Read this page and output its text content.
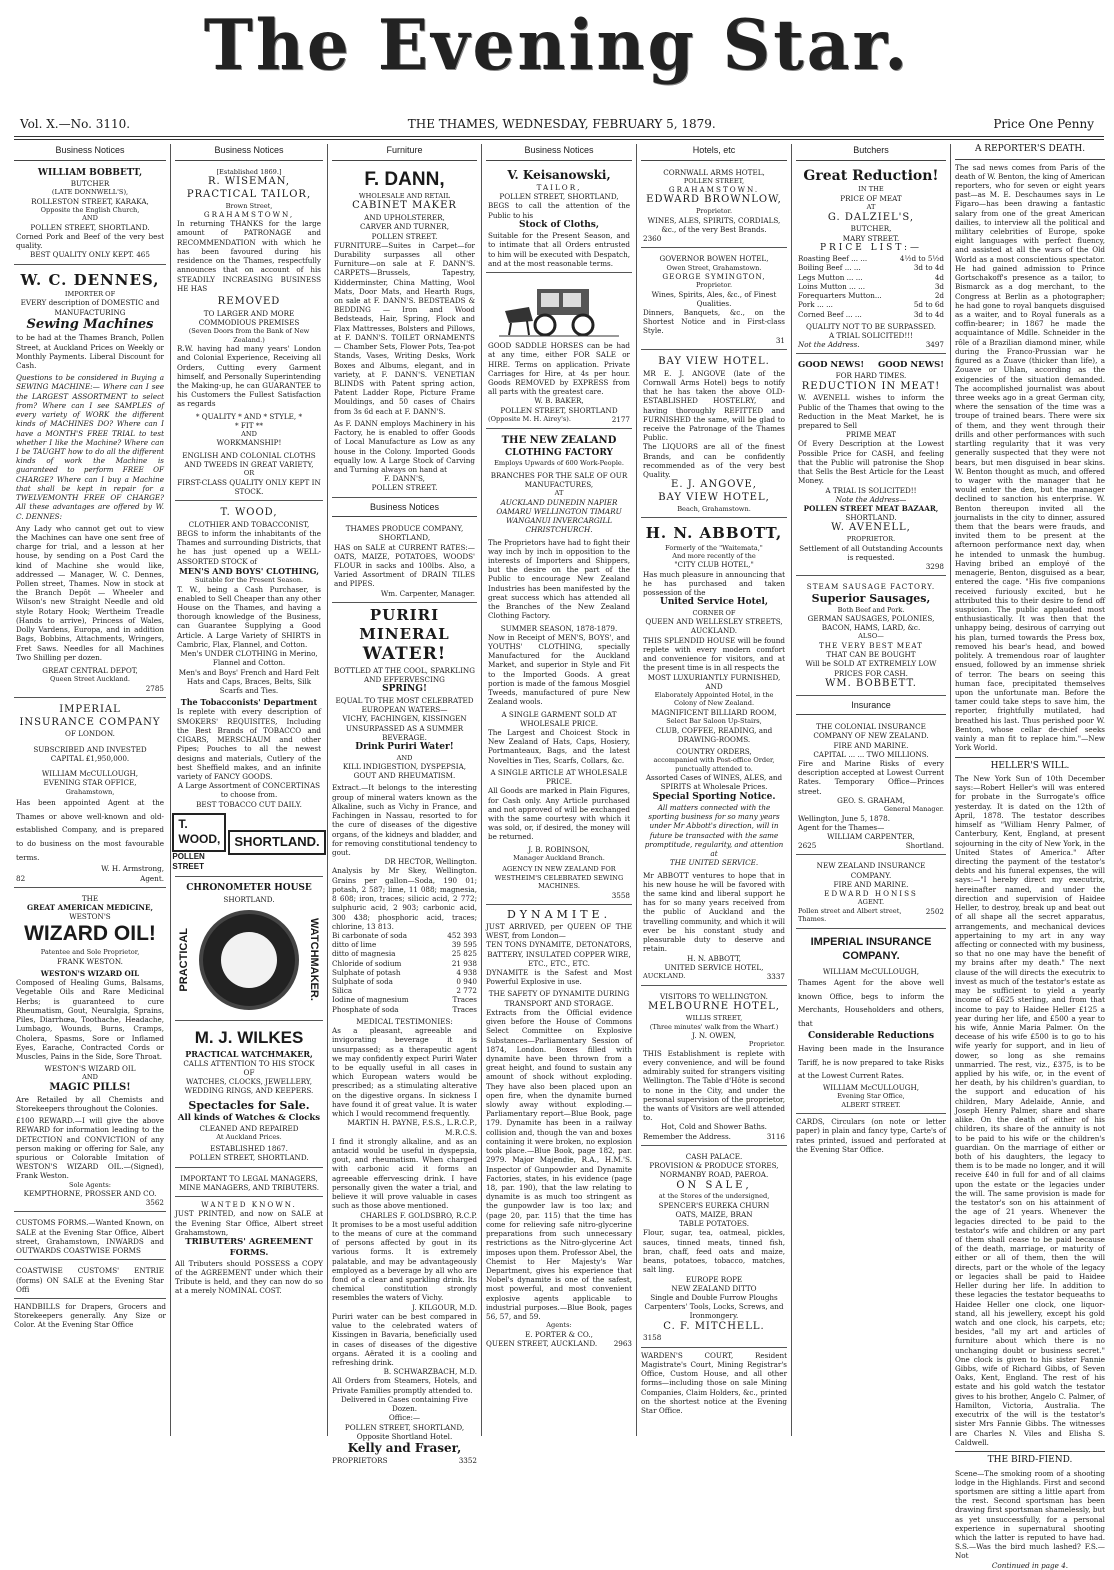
The Evening Star.
Vol. X.—No. 3110.	THE THAMES, WEDNESDAY, FEBRUARY 5, 1879.	Price One Penny
Business Notices
WILLIAM BOBBETT,
BUTCHER
(LATE DONNWELL'S),
ROLLESTON STREET, KARAKA,
Opposite the English Church,
AND
POLLEN STREET, SHORTLAND.
Corned Pork and Beef of the very best quality.
BEST QUALITY ONLY KEPT. 465
W. C. DENNES,
IMPORTER OF
EVERY description of DOMESTIC and MANUFACTURING
Sewing Machines
to be had at the Thames Branch, Pollen Street, at Auckland Prices on Weekly or Monthly Payments. Liberal Discount for Cash.
Questions to be considered in Buying a SEWING MACHINE:— Where can I see the LARGEST ASSORTMENT to select from? Where can I see SAMPLES of every variety of WORK the different kinds of MACHINES DO? Where can I have a MONTH'S FREE TRIAL to test whether I like the Machine? Where can I be TAUGHT how to do all the different kinds of work the Machine is guaranteed to perform FREE OF CHARGE? Where can I buy a Machine that shall be kept in repair for a TWELVEMONTH FREE OF CHARGE? All these advantages are offered by W. C. DENNES:
Any Lady who cannot get out to view the Machines can have one sent free of charge for trial, and a lesson at her house, by sending on a Post Card the kind of Machine she would like, addressed — Manager, W. C. Dennes, Pollen street, Thames. Now in stock at the Branch Depôt — Wheeler and Wilson's new Straight Needle and old style Rotary Hook; Wertheim Treadle (Hands to arrive), Princess of Wales, Dolly Vardens, Europa, and in addition Bags, Bobbins, Attachments, Wringers, Fret Saws. Needles for all Machines Two Shilling per dozen.
GREAT CENTRAL DEPOT,
Queen Street Auckland.
2785
IMPERIAL
INSURANCE COMPANY
OF LONDON.
SUBSCRIBED AND INVESTED
CAPITAL £1,950,000.
WILLIAM McCULLOUGH,
EVENING STAR OFFICE,
Grahamstown,
Has been appointed Agent at the Thames or above well-known and old-established Company, and is prepared to do business on the most favourable terms.
W. H. Armstrong,
82	Agent.
THE
GREAT AMERICAN MEDICINE,
WESTON'S
WIZARD OIL!
Patentee and Sole Proprietor,
FRANK WESTON.
WESTON'S WIZARD OIL
Composed of Healing Gums, Balsams, Vegetable Oils and Rare Medicinal Herbs; is guaranteed to cure Rheumatism, Gout, Neuralgia, Sprains, Piles, Diarrhœa, Toothache, Headache, Lumbago, Wounds, Burns, Cramps, Cholera, Spasms, Sore or Inflamed Eyes, Earache, Contracted Cords or Muscles, Pains in the Side, Sore Throat.
WESTON'S WIZARD OIL
AND
MAGIC PILLS!
Are Retailed by all Chemists and Storekeepers throughout the Colonies.
£100 REWARD.—I will give the above REWARD for information leading to the DETECTION and CONVICTION of any person making or offering for Sale, any spurious or Colorable Imitation of WESTON'S WIZARD OIL.—(Signed), Frank Weston.
Sole Agents:
KEMPTHORNE, PROSSER AND CO.
3562
CUSTOMS FORMS.—Wanted Known, on SALE at the Evening Star Office, Albert street, Grahamstown, INWARDS and OUTWARDS COASTWISE FORMS
COASTWISE CUSTOMS' ENTRIE (forms) ON SALE at the Evening Star Offi
HANDBILLS for Drapers, Grocers and Storekeepers generally. Any Size or Color. At the Evening Star Office
Business Notices
[Established 1869.]
R. WISEMAN,
PRACTICAL TAILOR,
Brown Street,
GRAHAMSTOWN,
In returning THANKS for the large amount of PATRONAGE and RECOMMENDATION with which he has been favoured during his residence on the Thames, respectfully announces that on account of his STEADILY INCREASING BUSINESS HE HAS
REMOVED
TO LARGER AND MORE COMMODIOUS PREMISES
(Seven Doors from the Bank of New Zealand.)
R.W. having had many years' London and Colonial Experience, Receiving all Orders, Cutting every Garment himself, and Personally Superintending the Making-up, he can GUARANTEE to his Customers the Fullest Satisfaction as regards
* QUALITY * AND * STYLE, *
* FIT **
AND
WORKMANSHIP!
ENGLISH AND COLONIAL CLOTHS AND TWEEDS IN GREAT VARIETY,
OR
FIRST-CLASS QUALITY ONLY KEPT IN STOCK.
T. WOOD,
CLOTHIER AND TOBACCONIST,
BEGS to inform the inhabitants of the Thames and surrounding Districts, that he has just opened up a WELL-ASSORTED STOCK of
MEN'S AND BOYS' CLOTHING,
Suitable for the Present Season.
T. W., being a Cash Purchaser, is enabled to Sell Cheaper than any other House on the Thames, and having a thorough knowledge of the Business, can Guarantee Supplying a Good Article. A Large Variety of SHIRTS in Cambric, Flax, Flannel, and Cotton.
Men's UNDER CLOTHING in Merino, Flannel and Cotton.
Men's and Boys' French and Hard Felt Hats and Caps, Braces, Belts, Silk Scarfs and Ties.
The Tobacconists' Department
Is replete with every description of SMOKERS' REQUISITES, Including the Best Brands of TOBACCO and CIGARS, MERSCHAUM and other Pipes; Pouches to all the newest designs and materials, Cutlery of the best Sheffield makes, and an infinite variety of FANCY GOODS.
A Large Assortment of CONCERTINAS to choose from.
BEST TOBACCO CUT DAILY.
T. WOOD,
POLLEN STREET
SHORTLAND.
CHRONOMETER HOUSE
SHORTLAND.
PRACTICAL	WATCHMAKER.
M. J. WILKES
PRACTICAL WATCHMAKER,
CALLS ATTENTION TO HIS STOCK OF
WATCHES, CLOCKS, JEWELLERY, WEDDING RINGS, AND KEEPERS.
Spectacles for Sale.
All kinds of Watches & Clocks
CLEANED AND REPAIRED
At Auckland Prices.
ESTABLISHED 1867.
POLLEN STREET, SHORTLAND.
IMPORTANT TO LEGAL MANAGERS, MINE MANAGERS, AND TRIBUTERS.
WANTED KNOWN.
JUST PRINTED, and now on SALE at the Evening Star Office, Albert street Grahamstown,
TRIBUTERS' AGREEMENT FORMS.
All Tributers should POSSESS a COPY of the AGREEMENT under which their Tribute is held, and they can now do so at a merely NOMINAL COST.
Furniture
F. DANN,
WHOLESALE AND RETAIL
CABINET MAKER
AND UPHOLSTERER,
CARVER AND TURNER,
POLLEN STREET.
FURNITURE—Suites in Carpet—for Durability surpasses all other Furniture—on sale at F. DANN'S. CARPETS—Brussels, Tapestry, Kidderminster, China Matting, Wool Mats, Door Mats, and Hearth Rugs, on sale at F. DANN'S. BEDSTEADS & BEDDING — Iron and Wood Bedsteads, Hair, Spring, Flock and Flax Mattresses, Bolsters and Pillows, at F. DANN'S. TOILET ORNAMENTS — Chamber Sets, Flower Pots, Tea-pot Stands, Vases, Writing Desks, Work Boxes and Albums, elegant, and in variety, at F. DANN'S. VENETIAN BLINDS with Patent spring action, Patent Ladder Rope, Picture Frame Mouldings, and 50 cases of Chairs from 3s 6d each at F. DANN'S.
As F. DANN employs Machinery in his Factory, he is enabled to offer Goods of Local Manufacture as Low as any house in the Colony. Imported Goods equally low. A Large Stock of Carving and Turning always on hand at
F. DANN'S,
POLLEN STREET.
Business Notices
THAMES PRODUCE COMPANY,
SHORTLAND,
HAS on SALE at CURRENT RATES:— OATS, MAIZE, POTATOES, WOODS' FLOUR in sacks and 100lbs. Also, a Varied Assortment of DRAIN TILES and PIPES.
Wm. Carpenter, Manager.
PURIRI MINERAL
WATER!
BOTTLED AT THE COOL, SPARKLING AND EFFERVESCING
SPRING!
EQUAL TO THE MOST CELEBRATED EUROPEAN WATERS—
VICHY, FACHINGEN, KISSINGEN
UNSURPASSED AS A SUMMER BEVERAGE.
Drink Puriri Water!
AND
KILL INDIGESTION, DYSPEPSIA, GOUT AND RHEUMATISM.
Extract.—It belongs to the interesting group of mineral waters known as the Alkaline, such as Vichy in France, and Fachingen in Nassau, resorted to for the cure of diseases of the digestive organs, of the kidneys and bladder, and for removing constitutional tendency to gout.
DR HECTOR, Wellington.
Analysis by Mr Skey, Wellington. Grains per gallon—Soda, 190 01; potash, 2 587; lime, 11 088; magnesia, 8 608; iron, traces; silicic acid, 2 772; sulphuric acid, 2 903; carbonic acid, 300 438; phosphoric acid, traces; chlorine, 13 813.
Bi carbonate of soda	452 393
ditto of lime	39 595
ditto of magnesia	25 825
Chloride of sodium	21 938
Sulphate of potash	4 938
Sulphate of soda	0 940
Silica	2 772
Iodine of magnesium	Traces
Phosphate of soda	Traces
MEDICAL TESTIMONIES:
As a pleasant, agreeable and invigorating beverage it is unsurpassed; as a therapeutic agent we may confidently expect Puriri Water to be equally useful in all cases in which European waters would be prescribed; as a stimulating alterative on the digestive organs. In sickness I have found it of great value. It is water which I would recommend frequently.
MARTIN H. PAYNE, F.S.S., L.R.C.P., M.R.C.S.
I find it strongly alkaline, and as an antacid would be useful in dyspepsia, gout, and rheumatism. When charged with carbonic acid it forms an agreeable effervescing drink. I have personally given the water a trial, and believe it will prove valuable in cases such as those above mentioned.
CHARLES F. GOLDSBRO, R.C.P.
It promises to be a most useful addition to the means of cure at the command of persons affected by gout in its various forms. It is extremely palatable, and may be advantageously employed as a beverage by all who are fond of a clear and sparkling drink. Its chemical constitution strongly resembles the waters of Vichy.
J. KILGOUR, M.D.
Puriri water can be best compared in value to the celebrated waters of Kissingen in Bavaria, beneficially used in cases of diseases of the digestive organs. Aërated it is a cooling and refreshing drink.
B. SCHWARZBACH, M.D.
All Orders from Steamers, Hotels, and Private Families promptly attended to.
Delivered in Cases containing Five Dozen.
Office:—
POLLEN STREET, SHORTLAND,
Opposite Shortland Hotel.
Kelly and Fraser,
PROPRIETORS	3352
Business Notices
V. Keisanowski,
TAILOR,
POLLEN STREET, SHORTLAND,
BEGS to call the attention of the Public to his
Stock of Cloths,
Suitable for the Present Season, and to intimate that all Orders entrusted to him will be executed with Despatch, and at the most reasonable terms.
GOOD SADDLE HORSES can be had at any time, either FOR SALE or HIRE. Terms on application. Private Carriages for Hire, at 4s per hour. Goods REMOVED by EXPRESS from all parts with the greatest care.
W. B. BAKER,
POLLEN STREET, SHORTLAND
(Opposite M. H. Airey's).	2177
THE NEW ZEALAND
CLOTHING FACTORY
Employs Upwards of 600 Work-People.
BRANCHES FOR THE SALE OF OUR MANUFACTURES,
AT
AUCKLAND DUNEDIN NAPIER OAMARU WELLINGTON TIMARU WANGANUI INVERCARGILL CHRISTCHURCH.
The Proprietors have had to fight their way inch by inch in opposition to the interests of Importers and Shippers, but the desire on the part of the Public to encourage New Zealand Industries has been manifested by the great success which has attended all the Branches of the New Zealand Clothing Factory.
SUMMER SEASON, 1878-1879.
Now in Receipt of MEN'S, BOYS', and YOUTHS' CLOTHING, specially Manufactured for the Auckland Market, and superior in Style and Fit to the Imported Goods. A great portion is made of the famous Mosgiel Tweeds, manufactured of pure New Zealand wools.
A SINGLE GARMENT SOLD AT WHOLESALE PRICE.
The Largest and Choicest Stock in New Zealand of Hats, Caps, Hosiery, Portmanteaux, Bags, and the latest Novelties in Ties, Scarfs, Collars, &c.
A SINGLE ARTICLE AT WHOLESALE PRICE.
All Goods are marked in Plain Figures, for Cash only. Any Article purchased and not approved of will be exchanged with the same courtesy with which it was sold, or, if desired, the money will be returned.
J. B. ROBINSON,
Manager Auckland Branch.
AGENCY IN NEW ZEALAND FOR WESTHEIM'S CELEBRATED SEWING MACHINES.
3558
DYNAMITE.
JUST ARRIVED, per QUEEN OF THE WEST, from London—
TEN TONS DYNAMITE, DETONATORS, BATTERY, INSULATED COPPER WIRE, ETC., ETC., ETC.
DYNAMITE is the Safest and Most Powerful Explosive in use.
THE SAFETY OF DYNAMITE DURING TRANSPORT AND STORAGE.
Extracts from the Official evidence given before the House of Commons Select Committee on Explosive Substances—Parliamentary Session of 1874, London. Boxes filled with dynamite have been thrown from a great height, and found to sustain any amount of shock without exploding. They have also been placed upon an open fire, when the dynamite burned slowly away without exploding.—Parliamentary report—Blue Book, page 179. Dynamite has been in a railway collision and, though the van and boxes containing it were broken, no explosion took place.—Blue Book, page 182, par. 2979. Major Majendie, R.A., H.M.'S. Inspector of Gunpowder and Dynamite Factories, states, in his evidence (page 18, par. 190), that the law relating to dynamite is as much too stringent as the gunpowder law is too lax; and (page 20, par. 115) that the time has come for relieving safe nitro-glycerine preparations from such unnecessary restrictions as the Nitro-glycerine Act imposes upon them. Professor Abel, the Chemist to Her Majesty's War Department, gives his experience that Nobel's dynamite is one of the safest, most powerful, and most convenient explosive agents applicable to industrial purposes.—Blue Book, pages 56, 57, and 59.
Agents:
E. PORTER & CO.,
QUEEN STREET, AUCKLAND. 2963
Hotels, etc
CORNWALL ARMS HOTEL,
POLLEN STREET,
GRAHAMSTOWN.
EDWARD BROWNLOW,
Proprietor.
WINES, ALES, SPIRITS, CORDIALS, &c., of the very Best Brands.
2360
GOVERNOR BOWEN HOTEL,
Owen Street, Grahamstown.
GEORGE SYMINGTON,
Proprietor.
Wines, Spirits, Ales, &c., of Finest Qualities.
Dinners, Banquets, &c., on the Shortest Notice and in First-class Style.
31
BAY VIEW HOTEL.
MR E. J. ANGOVE (late of the Cornwall Arms Hotel) begs to notify that he has taken the above OLD-ESTABLISHED HOSTELRY, and having thoroughly REFITTED and FURNISHED the same, will be glad to receive the Patronage of the Thames Public.
The LIQUORS are all of the finest Brands, and can be confidently recommended as of the very best Quality.
E. J. ANGOVE,
BAY VIEW HOTEL,
Beach, Grahamstown.
H. N. ABBOTT,
Formerly of the "Waitemata,"
And more recently of the
"CITY CLUB HOTEL,"
Has much pleasure in announcing that he has purchased and taken possession of the
United Service Hotel,
CORNER OF
QUEEN AND WELLESLEY STREETS, AUCKLAND.
THIS SPLENDID HOUSE will be found replete with every modern comfort and convenience for visitors, and at the present time is in all respects the
MOST LUXURIANTLY FURNISHED, AND
Elaborately Appointed Hotel, in the Colony of New Zealand.
MAGNIFICENT BILLIARD ROOM,
Select Bar Saloon Up-Stairs,
CLUB, COFFEE, READING, and DRAWING-ROOMS.
COUNTRY ORDERS,
accompanied with Post-office Order, punctually attended to.
Assorted Cases of WINES, ALES, and SPIRITS at Wholesale Prices.
Special Sporting Notice.
All matters connected with the sporting business for so many years under Mr Abbott's direction, will in future be transacted with the same promptitude, regularity, and attention at
THE UNITED SERVICE.
Mr ABBOTT ventures to hope that in his new house he will be favored with the same kind and liberal support he has for so many years received from the public of Auckland and the travelling community, and which it will ever be his constant study and pleasurable duty to deserve and retain.
H. N. ABBOTT,
UNITED SERVICE HOTEL,
AUCKLAND.	3337
VISITORS TO WELLINGTON.
MELBOURNE HOTEL,
WILLIS STREET,
(Three minutes' walk from the Wharf.)
J. N. OWEN,
Proprietor.
THIS Establishment is replete with every convenience, and will be found admirably suited for strangers visiting Wellington. The Table d'Hôte is second to none in the City, and under the personal supervision of the proprietor, the wants of Visitors are well attended to.
Hot, Cold and Shower Baths.
Remember the Address.	3116
CASH PALACE.
PROVISION & PRODUCE STORES,
NORMANBY ROAD, PAEROA.
ON SALE,
at the Stores of the undersigned,
SPENCER'S EUREKA CHURN
OATS, MAIZE, BRAN
TABLE POTATOES.
Flour, sugar, tea, oatmeal, pickles, sauces, tinned meats, tinned fish, bran, chaff, feed oats and maize, beans, potatoes, tobacco, matches, salt ling.
EUROPE ROPE
NEW ZEALAND DITTO
Single and Double Furrow Ploughs Carpenters' Tools, Locks, Screws, and Ironmongery.
C. F. MITCHELL.
3158
WARDEN'S COURT, Resident Magistrate's Court, Mining Registrar's Office, Custom House, and all other forms—including those on sale Mining Companies, Claim Holders, &c., printed on the shortest notice at the Evening Star Office.
Butchers
Great Reduction!
IN THE
PRICE OF MEAT
AT
G. DALZIEL'S,
BUTCHER,
MARY STREET.
PRICE LIST:—
Roasting Beef ... ...	4½d to 5½d
Boiling Beef ... ...	3d to 4d
Legs Mutton ... ...	4d
Loins Mutton ... ...	3d
Forequarters Mutton...	2d
Pork ... ...	5d to 6d
Corned Beef ... ...	3d to 4d
QUALITY NOT TO BE SURPASSED.
A TRIAL SOLICITED!!!
Not the Address.	3497
GOOD NEWS! GOOD NEWS!
FOR HARD TIMES.
REDUCTION IN MEAT!
W. AVENELL wishes to inform the Public of the Thames that owing to the Reduction in the Meat Market, he is prepared to Sell
PRIME MEAT
Of Every Description at the Lowest Possible Price for CASH, and feeling that the Public will patronise the Shop that Sells the Best Article for the Least Money.
A TRIAL IS SOLICITED!!
Note the Address—
POLLEN STREET MEAT BAZAAR,
SHORTLAND.
W. AVENELL,
PROPRIETOR.
Settlement of all Outstanding Accounts is requested.
3298
STEAM SAUSAGE FACTORY.
Superior Sausages,
Both Beef and Pork.
GERMAN SAUSAGES, POLONIES,
BACON, HAMS, LARD, &c.
ALSO—
THE VERY BEST MEAT
THAT CAN BE BOUGHT
Will be SOLD AT EXTREMELY LOW
PRICES FOR CASH.
WM. BOBBETT.
Insurance
THE COLONIAL INSURANCE COMPANY OF NEW ZEALAND.
FIRE AND MARINE.
CAPITAL ... ... TWO MILLIONS.
Fire and Marine Risks of every description accepted at Lowest Current Rates. Temporary Office—Princes street.
GEO. S. GRAHAM,
General Manager.
Wellington, June 5, 1878.
Agent for the Thames—
WILLIAM CARPENTER,
2625	Shortland.
NEW ZEALAND INSURANCE COMPANY.
FIRE AND MARINE.
EDWARD HONISS
AGENT.
Pollen street and Albert street, Thames.
2502
IMPERIAL INSURANCE
COMPANY.
WILLIAM McCULLOUGH,
Thames Agent for the above well known Office, begs to inform the Merchants, Householders and others, that
Considerable Reductions
Having been made in the Insurance Tariff, he is now prepared to take Risks at the Lowest Current Rates.
WILLIAM McCULLOUGH,
Evening Star Office,
ALBERT STREET.
CARDS, Circulars (on note or letter paper) in plain and fancy type, Carte's of rates printed, issued and perforated at the Evening Star Office.
A REPORTER'S DEATH.
The sad news comes from Paris of the death of W. Benton, the king of American reporters, who for seven or eight years past—as M. E. Deschaumes says in Le Figaro—has been drawing a fantastic salary from one of the great American dailies, to interview all the political and military celebrities of Europe, spoke eight languages with perfect fluency, and assisted at all the wars of the Old World as a most conscientious spectator. He had gained admission to Prince Gortschakoff's presence as a tailor, to Bismarck as a dog merchant, to the Congress at Berlin as a photographer; he had gone to royal banquets disguised as a waiter, and to Royal funerals as a coffin-bearer; in 1867 he made the acquaintance of Mdlle. Schneider in the rôle of a Brazilian diamond miner, while during the Franco-Prussian war he figured as a Zuave (thicker than life), a Zouave or Uhlan, according as the exigencies of the situation demanded. The accomplished journalist was about three weeks ago in a great German city, where the sensation of the time was a troupe of trained bears. There were six of them, and they went through their drills and other performances with such startling regularity that it was very generally suspected that they were not bears, but men disguised in bear skins. W. Benton thought as much, and offered to wager with the manager that he would enter the den, but the manager declined to sanction his enterprise. W. Benton thereupon invited all the journalists in the city to dinner, assured them that the bears were frauds, and invited them to be present at the afternoon performance next day, when he intended to unmask the humbug. Having bribed an employé of the menagerie, Benton, disguised as a bear, entered the cage. "His five companions received furiously excited, but he attributed this to their desire to fend off suspicion. The public applauded most enthusiastically. It was then that the unhappy being, desirous of carrying out his plan, turned towards the Press box, removed his bear's head, and bowed politely. A tremendous roar of laughter ensued, followed by an immense shriek of terror. The bears on seeing this human face, precipitated themselves upon the unfortunate man. Before the tamer could take steps to save him, the reporter, frightfully mutilated, had breathed his last. Thus perished poor W. Benton, whose cellar de-chief seeks vainly a man fit to replace him."—New York World.
HELLER'S WILL.
The New York Sun of 10th December says:—Robert Heller's will was entered for probate in the Surrogate's office yesterday. It is dated on the 12th of April, 1878. The testator describes himself as "William Henry Palmer, of Canterbury, Kent, England, at present sojourning in the city of New York, in the United States of America." After directing the payment of the testator's debts and his funeral expenses, the will says:—"I hereby direct my executrix, hereinafter named, and under the direction and supervision of Haidee Heller, to destroy, break up and beat out of all shape all the secret apparatus, arrangements, and mechanical devices appertaining to my art in any way affecting or connected with my business, so that no one may have the benefit of my brains after my death." The next clause of the will directs the executrix to invest as much of the testator's estate as may be sufficient to yield a yearly income of £625 sterling, and from that income to pay to Haidee Heller £125 a year during her life, and £500 a year to his wife, Annie Maria Palmer. On the decease of his wife £500 is to go to his wife yearly for support, and in lieu of dower, so long as she remains unmarried. The rest, viz., £375, is to be applied by his wife, or, in the event of her death, by his children's guardian, to the support and education of his children, Mary Adelaide, Annie, and Joseph Henry Palmer, share and share alike. On the death of either of his children, its share of the annuity is not to be paid to his wife or the children's guardian. On the marriage of either or both of his daughters, the legacy to them is to be made no longer, and it will receive £40 in full for and of all claims upon the estate or the legacies under the will. The same provision is made for the testator's son on his attainment of the age of 21 years. Whenever the legacies directed to be paid to the testator's wife and children or any part of them shall cease to be paid because of the death, marriage, or maturity of either or all of them, then the will directs, part or the whole of the legacy or legacies shall be paid to Haidee Heller during her life. In addition to these legacies the testator bequeaths to Haidee Heller one clock, one liquor-stand, all his jewellery, except his gold watch and one clock, his carpets, etc; besides, "all my art and articles of furniture about which there is no unchanging doubt or business secret." One clock is given to his sister Fannie Gibbs, wife of Richard Gibbs, of Seven Oaks, Kent, England. The rest of his estate and his gold watch the testator gives to his brother, Angelo C. Palmer, of Hamilton, Victoria, Australia. The executrix of the will is the testator's sister Mrs Fannie Gibbs. The witnesses are Charles N. Viles and Elisha S. Caldwell.
THE BIRD-FIEND.
Scene—The smoking room of a shooting lodge in the Highlands. First and second sportsmen are sitting a little apart from the rest. Second sportsman has been drawing first sportsman shamelessly, but as yet unsuccessfully, for a personal experience in supernatural shooting which the latter is reputed to have had. S.S.—Was the bird much lashed? F.S.—Not
Continued in page 4.
